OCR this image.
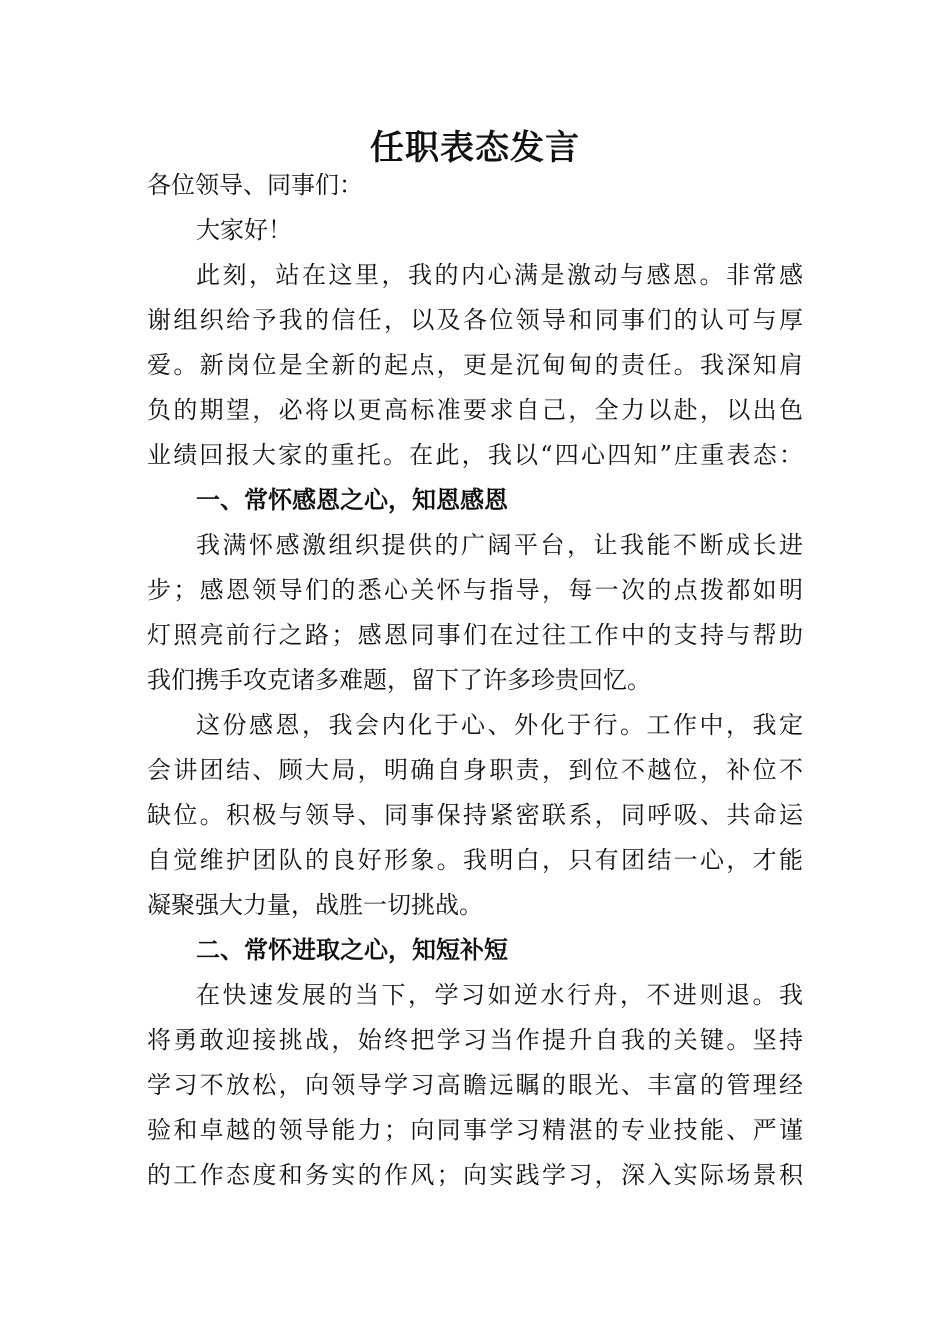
任职表态发言
各位领导、同事们：
大家好！
此刻，站在这里，我的内心满是激动与感恩。非常感
谢组织给予我的信任，以及各位领导和同事们的认可与厚
爱。新岗位是全新的起点，更是沉甸甸的责任。我深知肩
负的期望，必将以更高标准要求自己，全力以赴，以出色
业绩回报大家的重托。在此，我以“四心四知”庄重表态：
一、常怀感恩之心，知恩感恩
我满怀感激组织提供的广阔平台，让我能不断成长进
步；感恩领导们的悉心关怀与指导，每一次的点拨都如明
灯照亮前行之路；感恩同事们在过往工作中的支持与帮助
我们携手攻克诸多难题，留下了许多珍贵回忆。
这份感恩，我会内化于心、外化于行。工作中，我定
会讲团结、顾大局，明确自身职责，到位不越位，补位不
缺位。积极与领导、同事保持紧密联系，同呼吸、共命运
自觉维护团队的良好形象。我明白，只有团结一心，才能
凝聚强大力量，战胜一切挑战。
二、常怀进取之心，知短补短
在快速发展的当下，学习如逆水行舟，不进则退。我
将勇敢迎接挑战，始终把学习当作提升自我的关键。坚持
学习不放松，向领导学习高瞻远瞩的眼光、丰富的管理经
验和卓越的领导能力；向同事学习精湛的专业技能、严谨
的工作态度和务实的作风；向实践学习，深入实际场景积
